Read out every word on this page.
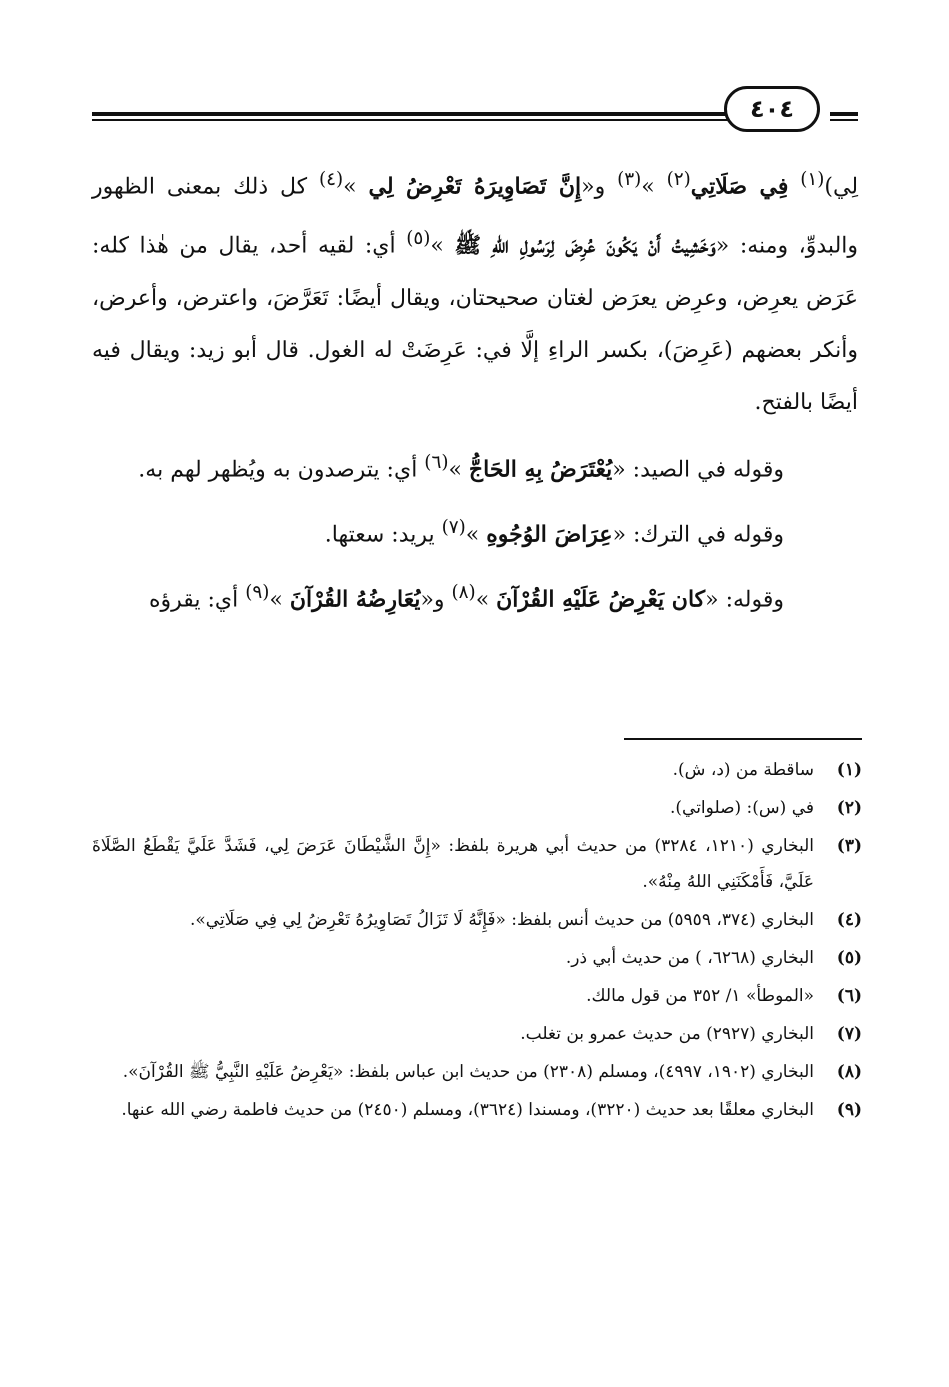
٤٠٤

لِي)$^{(١)}$ فِي صَلَاتِي$^{(٢)}$ »$^{(٣)}$ و«إِنَّ تَصَاوِيرَهُ تَعْرِضُ لِي »$^{(٤)}$ كل ذلك بمعنى الظهور والبدوِّ، ومنه: «وَخَشِيتُ أَنْ يَكُونَ عُرِضَ لِرَسُولِ اللهِ ﷺ »$^{(٥)}$ أي: لقيه أحد، يقال من هٰذا كله: عَرَض يعرِض، وعرِض يعرَض لغتان صحيحتان، ويقال أيضًا: تَعَرَّضَ، واعترض، وأعرض، وأنكر بعضهم (عَرِضَ)، بكسر الراءِ إلَّا في: عَرِضَتْ له الغول. قال أبو زيد: ويقال فيه أيضًا بالفتح.

وقوله في الصيد: «يُعْتَرَضُ بِهِ الحَاجُّ »$^{(٦)}$ أي: يترصدون به ويُظهر لهم به.

وقوله في الترك: «عِرَاضَ الوُجُوهِ »$^{(٧)}$ يريد: سعتها.

وقوله: «كان يَعْرِضُ عَلَيْهِ القُرْآنَ »$^{(٨)}$ و«يُعَارِضُهُ القُرْآنَ »$^{(٩)}$ أي: يقرؤه

(١)
ساقطة من (د، ش).
(٢)
في (س): (صلواتي).
(٣)
البخاري (١٢١٠، ٣٢٨٤) من حديث أبي هريرة بلفظ: «إِنَّ الشَّيْطَانَ عَرَضَ لِي، فَشَدَّ عَلَيَّ يَقْطَعُ الصَّلَاةَ عَلَيَّ، فَأَمْكَنَنِي اللهُ مِنْهُ».
(٤)
البخاري (٣٧٤، ٥٩٥٩) من حديث أنس بلفظ: «فَإِنَّهُ لَا تَزَالُ تَصَاوِيرُهُ تَعْرِضُ لِي فِي صَلَاتِي».
(٥)
البخاري (٦٢٦٨، ) من حديث أبي ذر.
(٦)
«الموطأ» ١/ ٣٥٢ من قول مالك.
(٧)
البخاري (٢٩٢٧) من حديث عمرو بن تغلب.
(٨)
البخاري (١٩٠٢، ٤٩٩٧)، ومسلم (٢٣٠٨) من حديث ابن عباس بلفظ: «يَعْرِضُ عَلَيْهِ النَّبِيُّ ﷺ القُرْآنَ».
(٩)
البخاري معلقًا بعد حديث (٣٢٢٠)، ومسندا (٣٦٢٤)، ومسلم (٢٤٥٠) من حديث فاطمة رضي الله عنها.
